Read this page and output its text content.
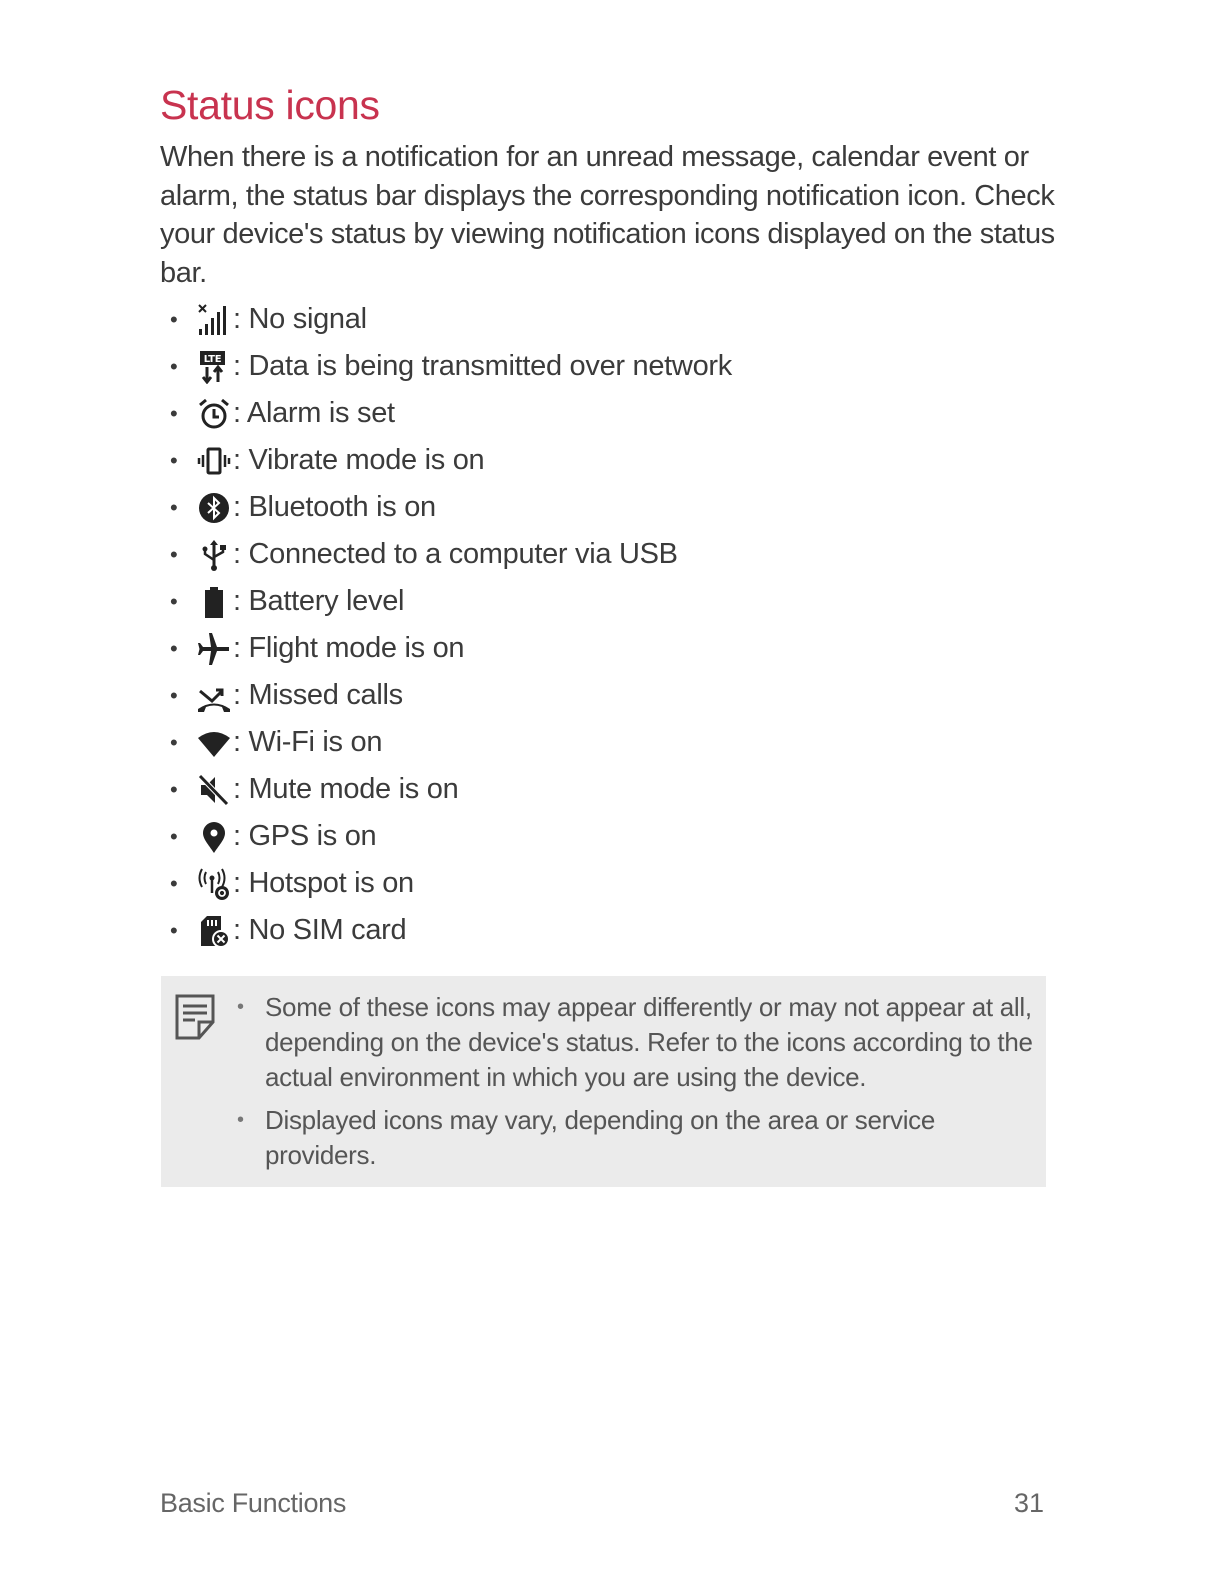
Status icons

When there is a notification for an unread message, calendar event or alarm, the status bar displays the corresponding notification icon. Check your device's status by viewing notification icons displayed on the status bar.

•	: No signal
•	LTE : Data is being transmitted over network
•	: Alarm is set
•	: Vibrate mode is on
•	: Bluetooth is on
•	: Connected to a computer via USB
•	: Battery level
•	: Flight mode is on
•	: Missed calls
•	: Wi-Fi is on
•	: Mute mode is on
•	: GPS is on
•	: Hotspot is on
•	: No SIM card
• Some of these icons may appear differently or may not appear at all, depending on the device's status. Refer to the icons according to the actual environment in which you are using the device.
• Displayed icons may vary, depending on the area or service providers.
Basic Functions	31
